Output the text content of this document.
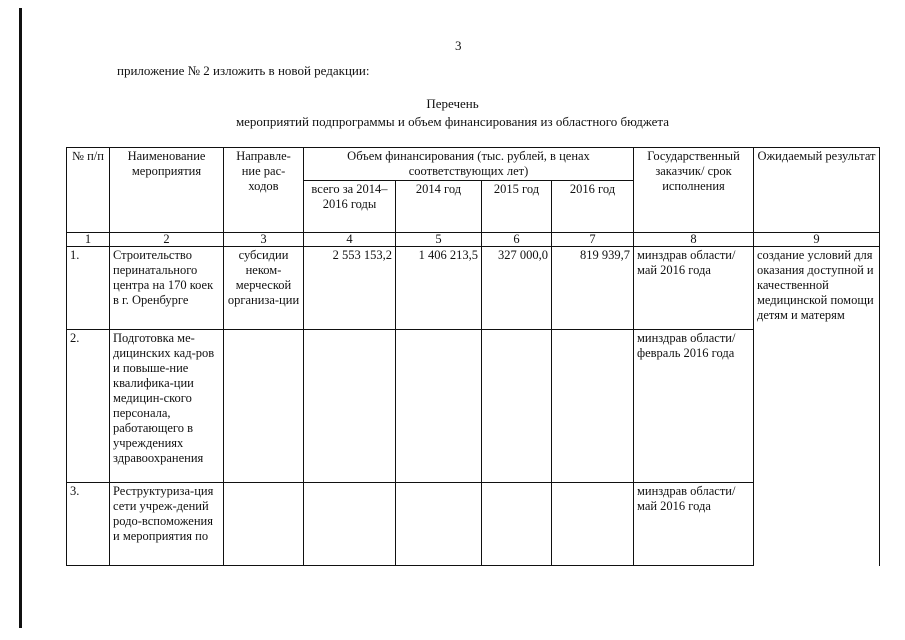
3
приложение № 2 изложить в новой редакции:
Перечень
мероприятий подпрограммы и объем финансирования из областного бюджета
№ п/п	Наименование мероприятия	Направле-ние рас-ходов	Объем финансирования (тыс. рублей, в ценах соответствующих лет)				Государственный заказчик/ срок исполнения	Ожидаемый результат
			всего за 2014– 2016 годы	2014 год	2015 год	2016 год		
1	2	3	4	5	6	7	8	9
1.	Строительство перинатального центра на 170 коек в г. Оренбурге	субсидии неком-мерческой организа-ции	2 553 153,2	1 406 213,5	327 000,0	819 939,7	минздрав области/ май 2016 года	создание условий для оказания доступной и качественной медицинской помощи детям и матерям
2.	Подготовка ме-дицинских кад-ров и повыше-ние квалифика-ции медицин-ского персонала, работающего в учреждениях здравоохранения						минздрав области/ февраль 2016 года	
3.	Реструктуриза-ция сети учреж-дений родо-вспоможения и мероприятия по						минздрав области/ май 2016 года	
